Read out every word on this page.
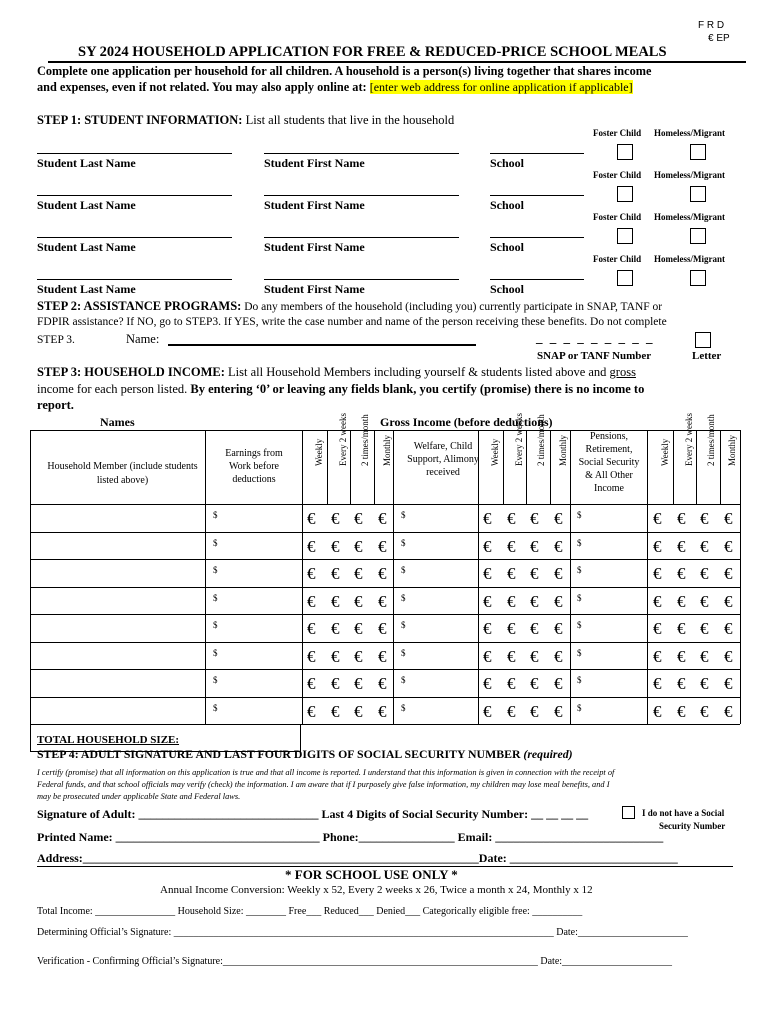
F R D
€ EP
SY 2024 HOUSEHOLD APPLICATION FOR FREE & REDUCED-PRICE SCHOOL MEALS
Complete one application per household for all children. A household is a person(s) living together that shares income
and expenses, even if not related. You may also apply online at: [enter web address for online application if applicable]
STEP 1: STUDENT INFORMATION: List all students that live in the household
Foster Child Homeless/Migrant
Student Last Name	Student First Name	School
Foster Child Homeless/Migrant
Student Last Name	Student First Name	School
Foster Child Homeless/Migrant
Student Last Name	Student First Name	School
Foster Child Homeless/Migrant
Student Last Name	Student First Name	School
STEP 2: ASSISTANCE PROGRAMS: Do any members of the household (including you) currently participate in SNAP, TANF or
FDPIR assistance? If NO, go to STEP3. If YES, write the case number and name of the person receiving these benefits. Do not complete
STEP 3.	Name:	_ _ _ _ _ _ _ _ _
SNAP or TANF Number	Letter
STEP 3: HOUSEHOLD INCOME: List all Household Members including yourself & students listed above and gross
income for each person listed. By entering ‘0’ or leaving any fields blank, you certify (promise) there is no income to
report.
Names	Gross Income (before deductions)
Household Member (include students listed above)
Earnings from Work before deductions
Welfare, Child Support, Alimony received
Pensions, Retirement, Social Security & All Other Income
Weekly Every 2 weeks 2 times/month Monthly	Weekly Every 2 weeks 2 times/month Monthly	Weekly Every 2 weeks 2 times/month Monthly
$	€ € € € $	€ € € € $	€ € € €
$	€ € € € $	€ € € € $	€ € € €
$	€ € € € $	€ € € € $	€ € € €
$	€ € € € $	€ € € € $	€ € € €
$	€ € € € $	€ € € € $	€ € € €
$	€ € € € $	€ € € € $	€ € € €
$	€ € € € $	€ € € € $	€ € € €
$	€ € € € $	€ € € € $	€ € € €
TOTAL HOUSEHOLD SIZE:
STEP 4: ADULT SIGNATURE AND LAST FOUR DIGITS OF SOCIAL SECURITY NUMBER (required)
I certify (promise) that all information on this application is true and that all income is reported. I understand that this information is given in connection with the receipt of
Federal funds, and that school officials may verify (check) the information. I am aware that if I purposely give false information, my children may lose meal benefits, and I
may be prosecuted under applicable State and Federal laws.
Signature of Adult: ______________________________ Last 4 Digits of Social Security Number: __ __ __ __	I do not have a Social
Security Number
Printed Name: __________________________________ Phone:________________ Email: ____________________________
Address:__________________________________________________________________Date: ____________________________
* FOR SCHOOL USE ONLY *
Annual Income Conversion: Weekly x 52, Every 2 weeks x 26, Twice a month x 24, Monthly x 12
Total Income: ________________ Household Size: ________ Free___ Reduced___ Denied___ Categorically eligible free: __________
Determining Official’s Signature: ____________________________________________________________________________ Date:______________________
Verification - Confirming Official’s Signature:_______________________________________________________________ Date:______________________
